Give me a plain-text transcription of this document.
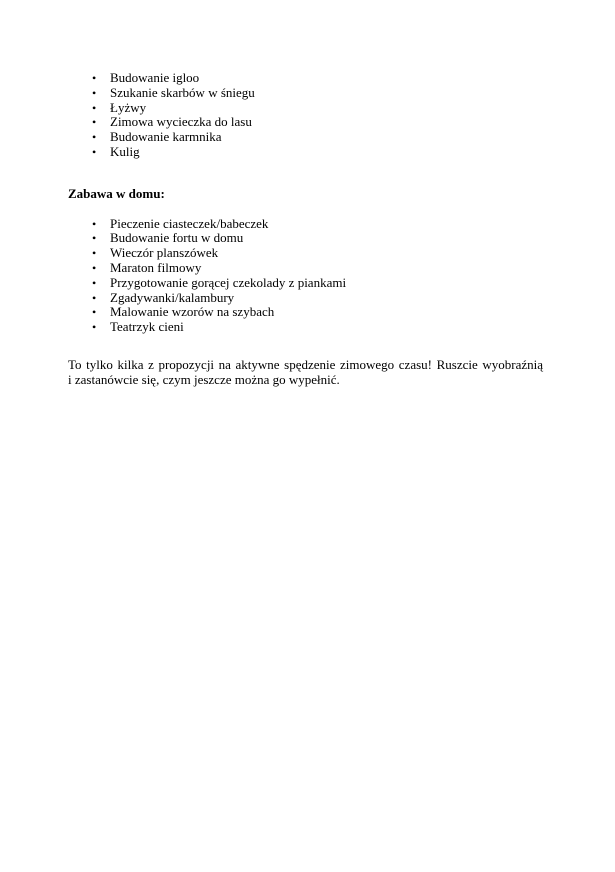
• Budowanie igloo
• Szukanie skarbów w śniegu
• Łyżwy
• Zimowa wycieczka do lasu
• Budowanie karmnika
• Kulig
Zabawa w domu:
• Pieczenie ciasteczek/babeczek
• Budowanie fortu w domu
• Wieczór planszówek
• Maraton filmowy
• Przygotowanie gorącej czekolady z piankami
• Zgadywanki/kalambury
• Malowanie wzorów na szybach
• Teatrzyk cieni
To tylko kilka z propozycji na aktywne spędzenie zimowego czasu! Ruszcie wyobraźnią
i zastanówcie się, czym jeszcze można go wypełnić.
